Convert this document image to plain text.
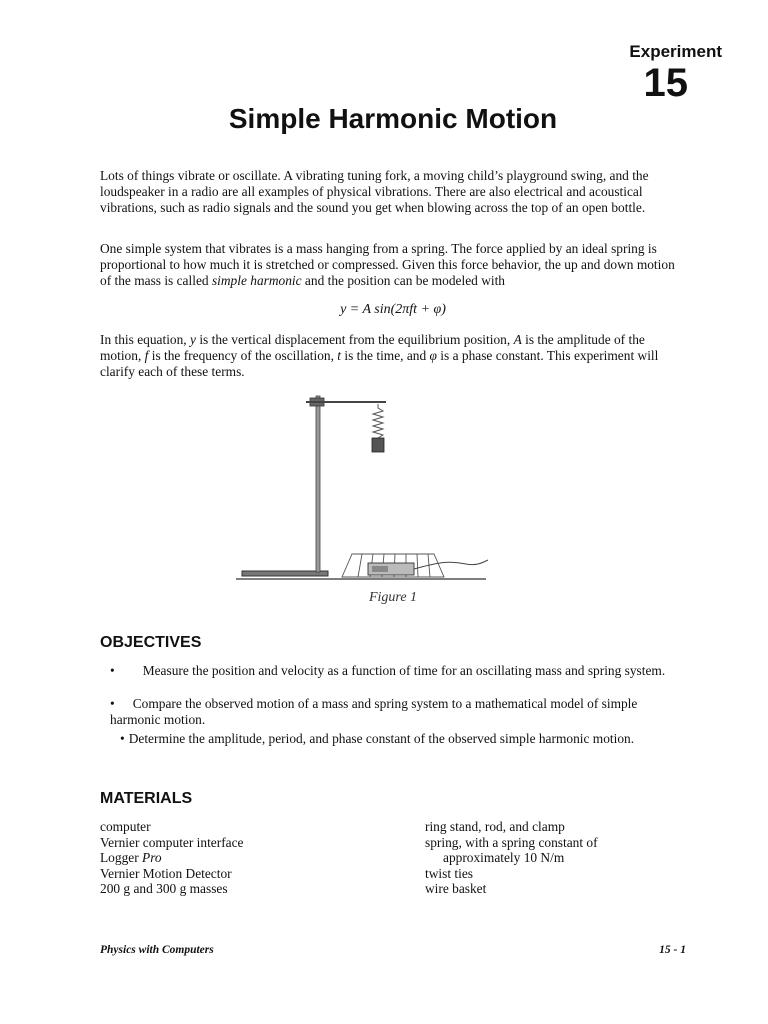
Experiment
15
Simple Harmonic Motion
Lots of things vibrate or oscillate. A vibrating tuning fork, a moving child’s playground swing, and the loudspeaker in a radio are all examples of physical vibrations. There are also electrical and acoustical vibrations, such as radio signals and the sound you get when blowing across the top of an open bottle.
One simple system that vibrates is a mass hanging from a spring. The force applied by an ideal spring is proportional to how much it is stretched or compressed. Given this force behavior, the up and down motion of the mass is called simple harmonic and the position can be modeled with
y = A sin(2πft + φ)
In this equation, y is the vertical displacement from the equilibrium position, A is the amplitude of the motion, f is the frequency of the oscillation, t is the time, and φ is a phase constant. This experiment will clarify each of these terms.
Figure 1
OBJECTIVES
• Measure the position and velocity as a function of time for an oscillating mass and spring system.
• Compare the observed motion of a mass and spring system to a mathematical model of simple harmonic motion.
• Determine the amplitude, period, and phase constant of the observed simple harmonic motion.
MATERIALS
computer
Vernier computer interface
Logger Pro
Vernier Motion Detector
200 g and 300 g masses
ring stand, rod, and clamp
spring, with a spring constant of
approximately 10 N/m
twist ties
wire basket
Physics with Computers	15 - 1
